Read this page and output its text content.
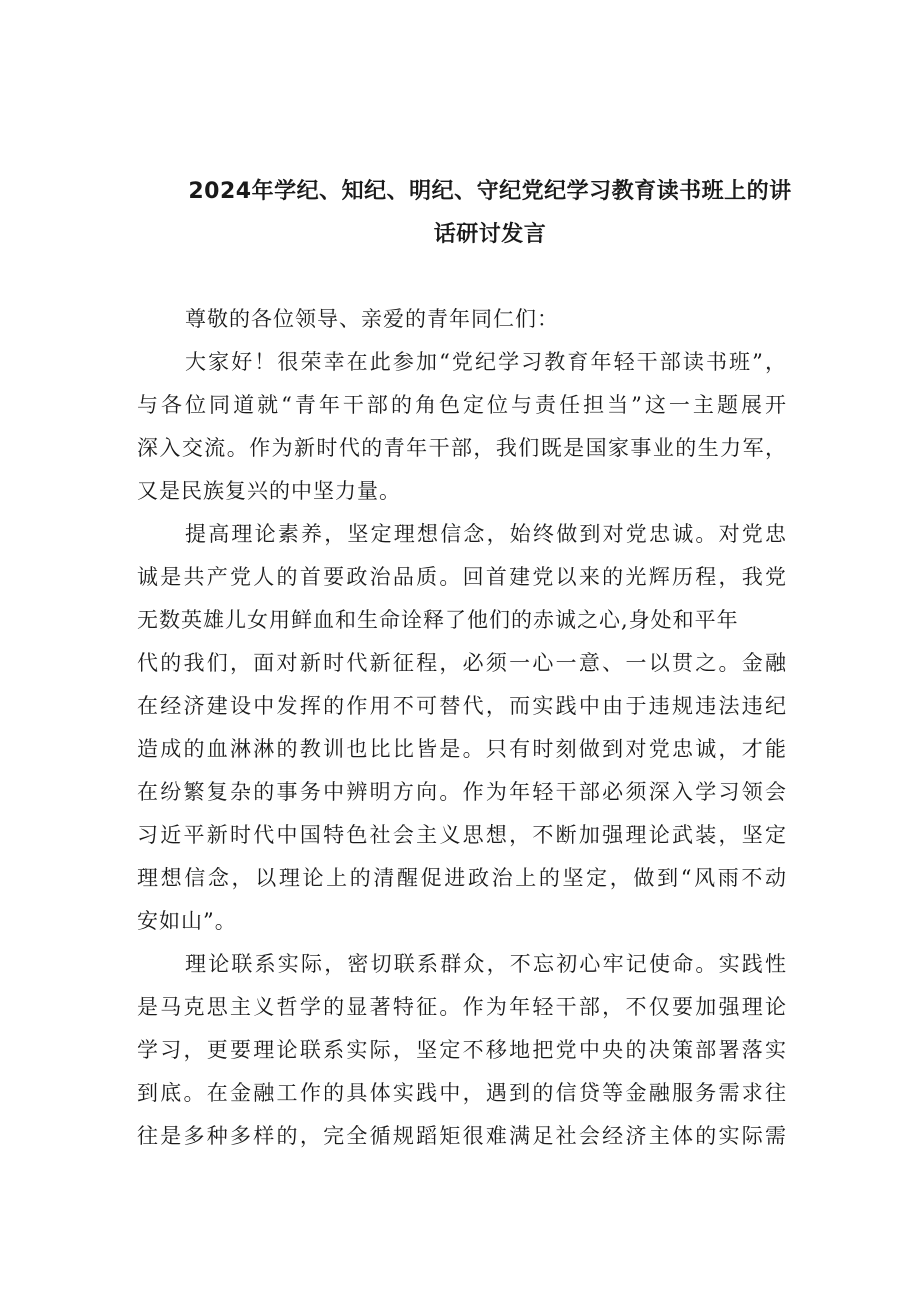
2024年学纪、知纪、明纪、守纪党纪学习教育读书班上的讲
话研讨发言
尊敬的各位领导、亲爱的青年同仁们：
大家好！很荣幸在此参加“党纪学习教育年轻干部读书班”，
与各位同道就“青年干部的角色定位与责任担当”这一主题展开
深入交流。作为新时代的青年干部，我们既是国家事业的生力军，
又是民族复兴的中坚力量。
提高理论素养，坚定理想信念，始终做到对党忠诚。对党忠
诚是共产党人的首要政治品质。回首建党以来的光辉历程，我党
无数英雄儿女用鲜血和生命诠释了他们的赤诚之心,身处和平年
代的我们，面对新时代新征程，必须一心一意、一以贯之。金融
在经济建设中发挥的作用不可替代，而实践中由于违规违法违纪
造成的血淋淋的教训也比比皆是。只有时刻做到对党忠诚，才能
在纷繁复杂的事务中辨明方向。作为年轻干部必须深入学习领会
习近平新时代中国特色社会主义思想，不断加强理论武装，坚定
理想信念，以理论上的清醒促进政治上的坚定，做到“风雨不动
安如山”。
理论联系实际，密切联系群众，不忘初心牢记使命。实践性
是马克思主义哲学的显著特征。作为年轻干部，不仅要加强理论
学习，更要理论联系实际，坚定不移地把党中央的决策部署落实
到底。在金融工作的具体实践中，遇到的信贷等金融服务需求往
往是多种多样的，完全循规蹈矩很难满足社会经济主体的实际需
